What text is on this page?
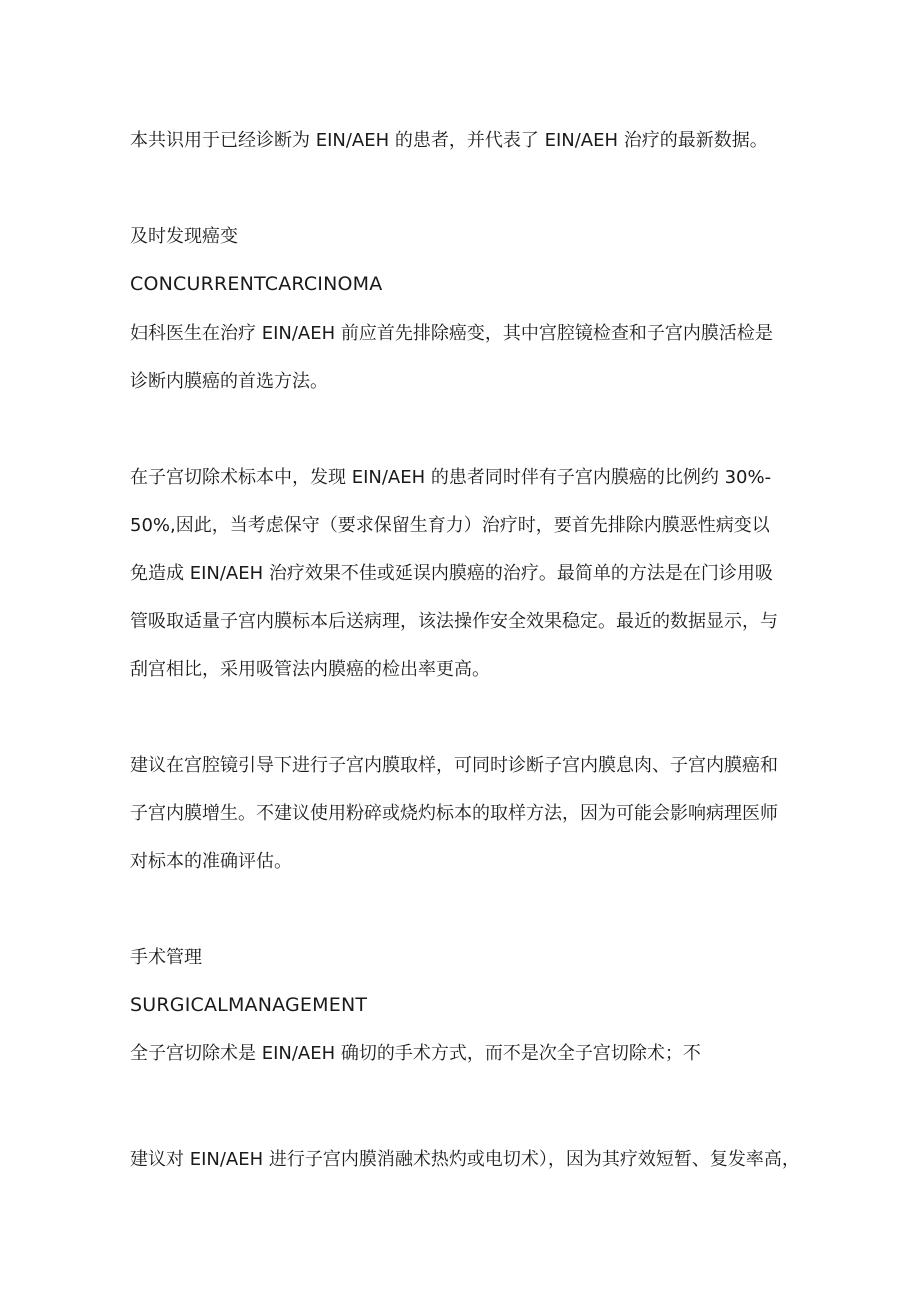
本共识用于已经诊断为 EIN/AEH 的患者，并代表了 EIN/AEH 治疗的最新数据。
及时发现癌变
CONCURRENTCARCINOMA
妇科医生在治疗 EIN/AEH 前应首先排除癌变，其中宫腔镜检查和子宫内膜活检是
诊断内膜癌的首选方法。
在子宫切除术标本中，发现 EIN/AEH 的患者同时伴有子宫内膜癌的比例约 30%-
50%,因此，当考虑保守（要求保留生育力）治疗时，要首先排除内膜恶性病变以
免造成 EIN/AEH 治疗效果不佳或延误内膜癌的治疗。最简单的方法是在门诊用吸
管吸取适量子宫内膜标本后送病理，该法操作安全效果稳定。最近的数据显示，与
刮宫相比，采用吸管法内膜癌的检出率更高。
建议在宫腔镜引导下进行子宫内膜取样，可同时诊断子宫内膜息肉、子宫内膜癌和
子宫内膜增生。不建议使用粉碎或烧灼标本的取样方法，因为可能会影响病理医师
对标本的准确评估。
手术管理
SURGICALMANAGEMENT
全子宫切除术是 EIN/AEH 确切的手术方式，而不是次全子宫切除术；不
建议对 EIN/AEH 进行子宫内膜消融术热灼或电切术），因为其疗效短暂、复发率高，
